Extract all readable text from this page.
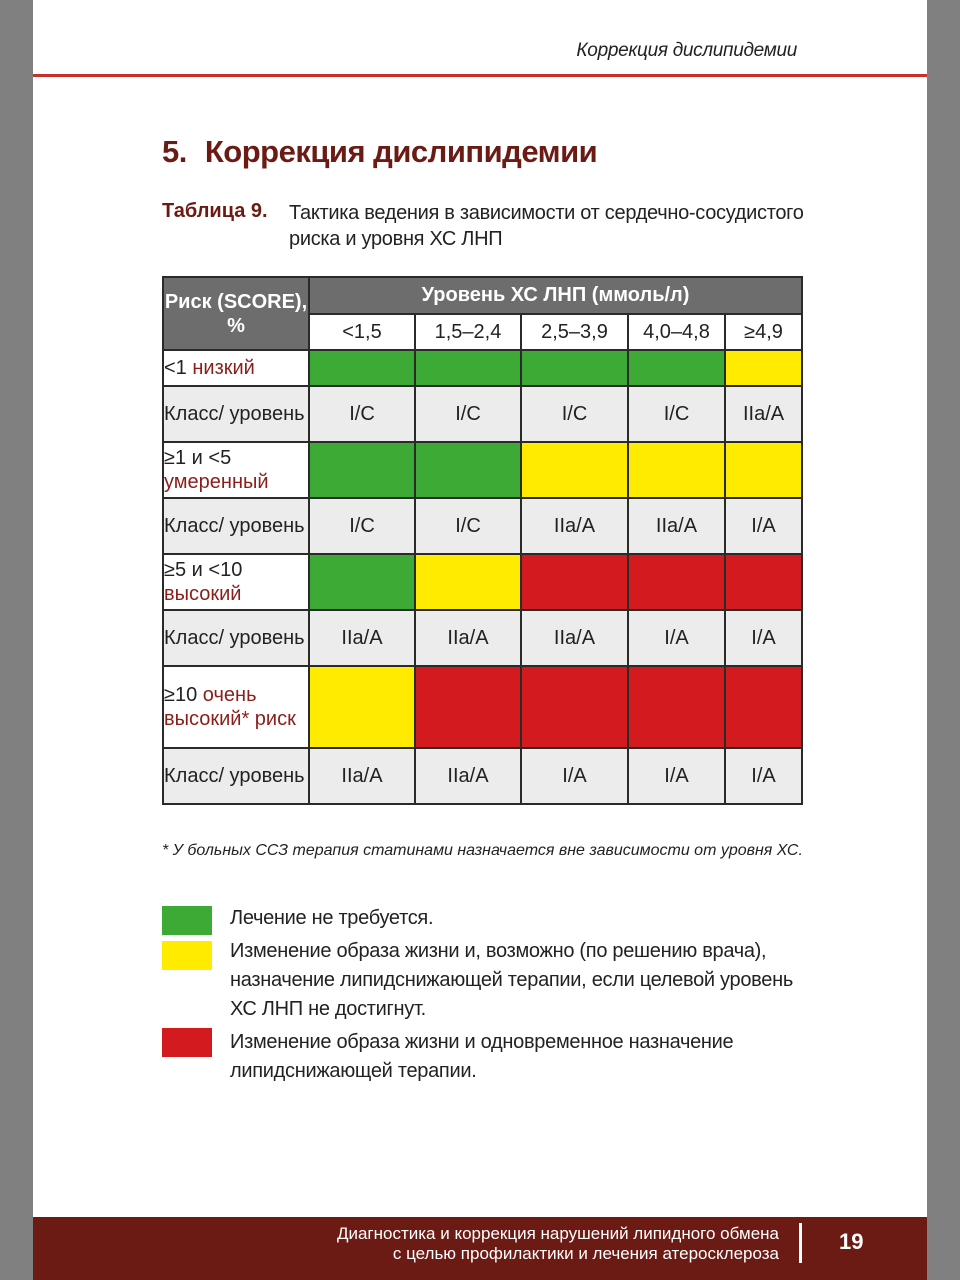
Коррекция дислипидемии
5. Коррекция дислипидемии
Таблица 9. Тактика ведения в зависимости от сердечно-сосудистого риска и уровня ХС ЛНП
Риск (SCORE), %	Уровень ХС ЛНП (ммоль/л)				
	<1,5	1,5–2,4	2,5–3,9	4,0–4,8	≥4,9
<1 низкий					
Класс/ уровень	I/C	I/C	I/C	I/C	IIa/A
≥1 и <5 умеренный					
Класс/ уровень	I/C	I/C	IIa/A	IIa/A	I/A
≥5 и <10 высокий					
Класс/ уровень	IIa/A	IIa/A	IIa/A	I/A	I/A
≥10 очень высокий* риск					
Класс/ уровень	IIa/A	IIa/A	I/A	I/A	I/A
* У больных ССЗ терапия статинами назначается вне зависимости от уровня ХС.
Лечение не требуется.
Изменение образа жизни и, возможно (по решению врача), назначение липидснижающей терапии, если целевой уровень ХС ЛНП не достигнут.
Изменение образа жизни и одновременное назначение липидснижающей терапии.
Диагностика и коррекция нарушений липидного обмена
с целью профилактики и лечения атеросклероза	19
